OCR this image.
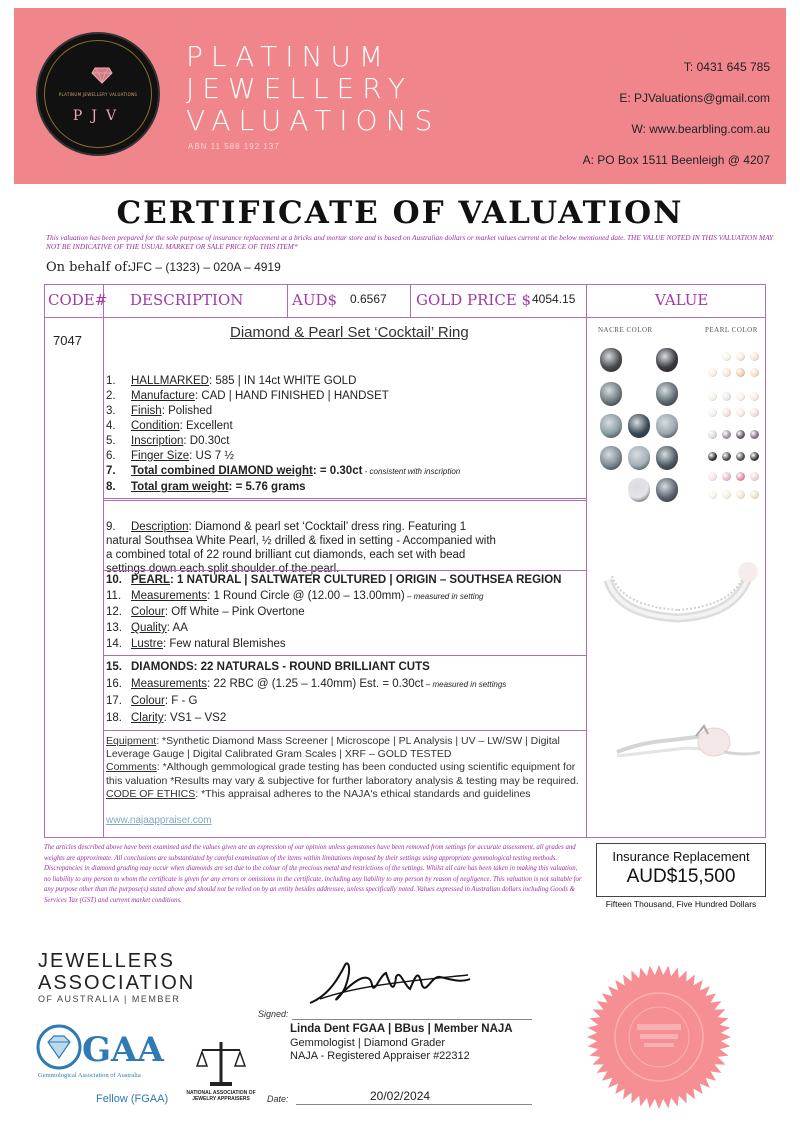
PLATINUM JEWELLERY VALUATIONS
PJV
PLATINUM
JEWELLERY
VALUATIONS
ABN 11 588 192 137
T: 0431 645 785
E: PJValuations@gmail.com
W: www.bearbling.com.au
A: PO Box 1511 Beenleigh @ 4207
CERTIFICATE OF VALUATION
This valuation has been prepared for the sole purpose of insurance replacement at a bricks and mortar store and is based on Australian dollars or market values current at the below mentioned date. THE VALUE NOTED IN THIS VALUATION MAY NOT BE INDICATIVE OF THE USUAL MARKET OR SALE PRICE OF THIS ITEM*
On behalf of:
JFC – (1323) – 020A – 4919
CODE# DESCRIPTION	AUD$ 0.6567 GOLD PRICE $ 4054.15	VALUE
7047	Diamond & Pearl Set ‘Cocktail’ Ring
1. HALLMARKED: 585 | IN 14ct WHITE GOLD
2. Manufacture: CAD | HAND FINISHED | HANDSET
3. Finish: Polished
4. Condition: Excellent
5. Inscription: D0.30ct
6. Finger Size: US 7 ½
7. Total combined DIAMOND weight: = 0.30ct - consistent with inscription
8. Total gram weight: = 5.76 grams
9. Description: Diamond & pearl set ‘Cocktail’ dress ring. Featuring 1 natural Southsea White Pearl, ½ drilled & fixed in setting - Accompanied with a combined total of 22 round brilliant cut diamonds, each set with bead settings down each split shoulder of the pearl.
10. PEARL: 1 NATURAL | SALTWATER CULTURED | ORIGIN – SOUTHSEA REGION
11. Measurements: 1 Round Circle @ (12.00 – 13.00mm) – measured in setting
12. Colour: Off White – Pink Overtone
13. Quality: AA
14. Lustre: Few natural Blemishes
15. DIAMONDS: 22 NATURALS - ROUND BRILLIANT CUTS
16. Measurements: 22 RBC @ (1.25 – 1.40mm) Est. = 0.30ct – measured in settings
17. Colour: F - G
18. Clarity: VS1 – VS2
Equipment: *Synthetic Diamond Mass Screener | Microscope | PL Analysis | UV – LW/SW | Digital Leverage Gauge | Digital Calibrated Gram Scales | XRF – GOLD TESTED
Comments: *Although gemmological grade testing has been conducted using scientific equipment for this valuation *Results may vary & subjective for further laboratory analysis & testing may be required.
CODE OF ETHICS: *This appraisal adheres to the NAJA's ethical standards and guidelines
www.najaappraiser.com
NACRE COLOR	PEARL COLOR
The articles described above have been examined and the values given are an expression of our opinion unless gemstones have been removed from settings for accurate assessment, all grades and weights are approximate. All conclusions are substantiated by careful examination of the items within limitations imposed by their settings using appropriate gemmological testing methods. Discrepancies in diamond grading may occur when diamonds are set due to the colour of the precious metal and restrictions of the settings. Whilst all care has been taken in making this valuation, no liability to any person to whom the certificate is given for any errors or omissions in the certificate, including any liability to any person by reason of negligence. This valuation is not suitable for any purpose other than the purpose(s) stated above and should not be relied on by an entity besides addressee, unless specifically noted. Values expressed in Australian dollars including Goods & Services Tax (GST) and current market conditions.
Insurance Replacement
AUD$15,500
Fifteen Thousand, Five Hundred Dollars
JEWELLERS
ASSOCIATION
OF AUSTRALIA | MEMBER
GAA
Gemmological Association of Australia
Fellow (FGAA)	NATIONAL ASSOCIATION OF JEWELRY APPRAISERS
Signed:
Linda Dent FGAA | BBus | Member NAJA
Gemmologist | Diamond Grader
NAJA - Registered Appraiser #22312
Date:	20/02/2024
